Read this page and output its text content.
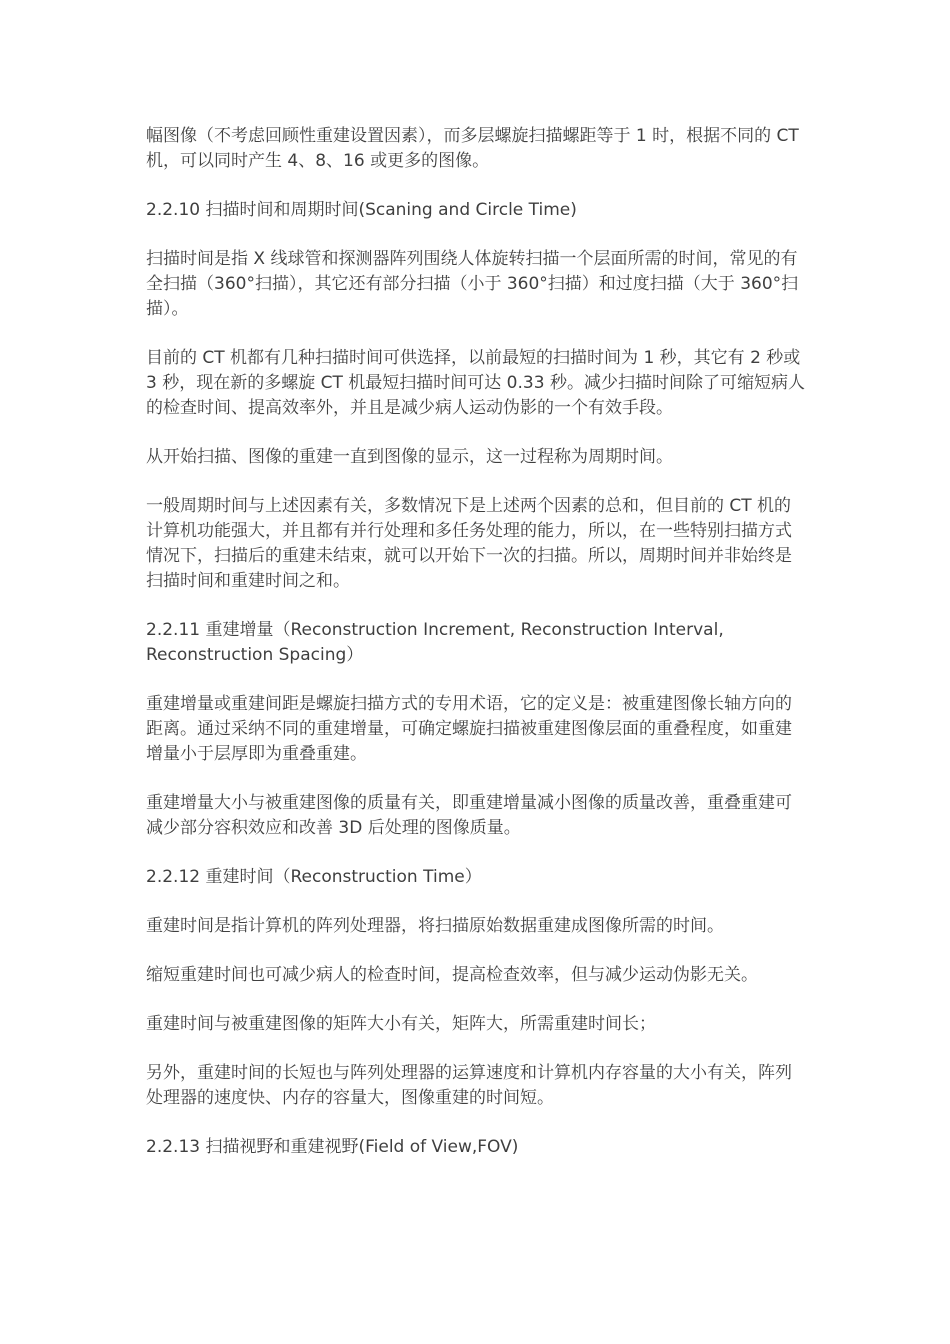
幅图像（不考虑回顾性重建设置因素），而多层螺旋扫描螺距等于 1 时，根据不同的 CT 机，可以同时产生 4、8、16 或更多的图像。

2.2.10 扫描时间和周期时间(Scaning and Circle Time)

扫描时间是指 X 线球管和探测器阵列围绕人体旋转扫描一个层面所需的时间，常见的有全扫描（360°扫描），其它还有部分扫描（小于 360°扫描）和过度扫描（大于 360°扫描）。

目前的 CT 机都有几种扫描时间可供选择，以前最短的扫描时间为 1 秒，其它有 2 秒或 3 秒，现在新的多螺旋 CT 机最短扫描时间可达 0.33 秒。减少扫描时间除了可缩短病人的检查时间、提高效率外，并且是减少病人运动伪影的一个有效手段。

从开始扫描、图像的重建一直到图像的显示，这一过程称为周期时间。

一般周期时间与上述因素有关，多数情况下是上述两个因素的总和，但目前的 CT 机的计算机功能强大，并且都有并行处理和多任务处理的能力，所以，在一些特别扫描方式情况下，扫描后的重建未结束，就可以开始下一次的扫描。所以，周期时间并非始终是扫描时间和重建时间之和。

2.2.11 重建增量（Reconstruction Increment, Reconstruction Interval, Reconstruction Spacing）

重建增量或重建间距是螺旋扫描方式的专用术语，它的定义是：被重建图像长轴方向的距离。通过采纳不同的重建增量，可确定螺旋扫描被重建图像层面的重叠程度，如重建增量小于层厚即为重叠重建。

重建增量大小与被重建图像的质量有关，即重建增量减小图像的质量改善，重叠重建可减少部分容积效应和改善 3D 后处理的图像质量。

2.2.12 重建时间（Reconstruction Time）

重建时间是指计算机的阵列处理器，将扫描原始数据重建成图像所需的时间。

缩短重建时间也可减少病人的检查时间，提高检查效率，但与减少运动伪影无关。

重建时间与被重建图像的矩阵大小有关，矩阵大，所需重建时间长；

另外，重建时间的长短也与阵列处理器的运算速度和计算机内存容量的大小有关，阵列处理器的速度快、内存的容量大，图像重建的时间短。

2.2.13 扫描视野和重建视野(Field of View,FOV)
